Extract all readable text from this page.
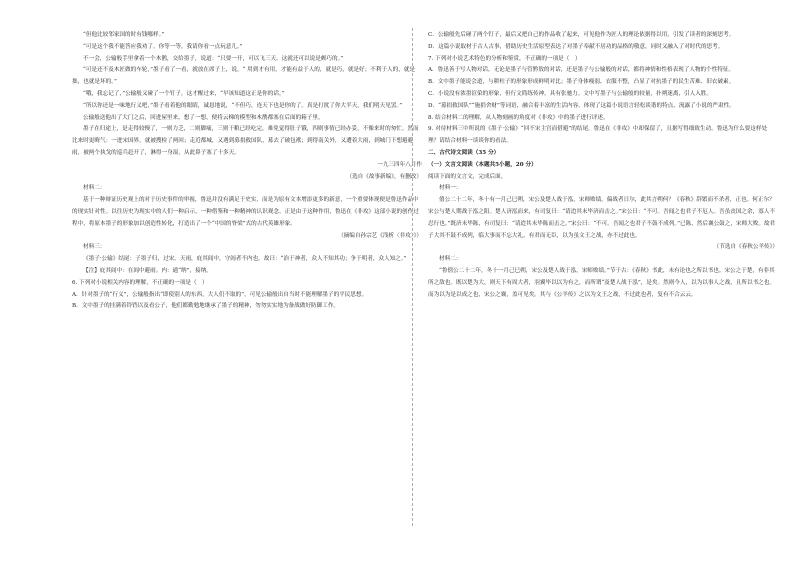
“但他比较邻家国的时有钱哪样。”

“可是这个我不能答应我劝了。你等一等，我请你看一点玩意儿。”

不一会，公输般手里拿着一个木鹊，交给墨子，说道：“只要一开，可以飞三天。这就还可以说是颇巧的。”

“可是还不及木匠做的车轮，”墨子看了一看，就放在席子上，说，“ 用到才有用，才能有益于人的，就是巧，就是好；不利于人的，就是拙，也就是坏的。”

“哦，我忘记了，”公输般又碰了一个钉子，这才醒过来，“早该知道这正是你的话。”

“所以你还是一味地行义吧，”墨子看着他的眼睛，诚恳地说，“不但巧，连天下也是你的了。真是打扰了你大半天，我们明天见罢。”

公输般送他出了大门之后，回进屋里来，想了一想，便将云梯的模型和木鹊都塞在后面的箱子里。

墨子在归途上，是走得较慢了，一则力乏，二则脚痛，三则干粮已经吃完，难免觉得肚子饿，四则事情已经办妥，不像来时的匆忙。然而比来时更晦气：一进宋国界，就被搜检了两回；走近都城，又遇到募捐救国队，募去了破包袱；到得南关外，又遭着大雨，到城门下想避避雨，被两个执戈的巡兵赶开了，淋得一身湿，从此鼻子塞了十多天。

一九三四年八月作

（选自《故事新编》，有删改）

材料二：

基于一种辩证历史观上的对于历史事件的审视，鲁迅并没有满足于史实，而是为原有文本增添更多的新意，一个重要体现便是鲁迅作品中的现实针对性。以往历史为现实中的人们一种启示，一种借鉴和一种精神的认识观念。正是由于这种作用，鲁迅在《非攻》这部小说的创作过程中，将原本墨子的形象加以创造性转化，打造出了一个“中国的脊梁”式的古代英雄形象。

（摘编自孙宗艺《浅析〈非攻〉》）

材料三：

《墨子·公输》结尾：子墨子归，过宋。天雨，庇其闾中，守闾者不内也。故曰：“治于神者，众人不知其功；争于明者，众人知之。”

【注】庇其闾中：在闾中避雨。内：通“纳”，接纳。

6. 下列对小说相关内容的理解，不正确的一项是（　）

A．针对墨子的“行义”，公输般指出“即使别人的东西，大人们不取的”，可见公输般出自当时不能理解墨子的平民思想。

B．文中墨子的挂满着铃铛以及看公子，他们都勤勉地继承了墨子的精神，勿勿实实地为备战做好防御工作。

C．公输般先后碰了两个钉子，最后又把自己的作品收了起来，可见他作为匠人的理论依据得以用，引发了读者的深刻思考。

D．这篇小说取材于古人古事，借助历史生活原型表达了对墨子奉献不居功的品格的敬意，同时又融入了对时代的思考。

7. 下列对小说艺术特色的分析和鉴赏，不正确的一项是（　）

A．鲁迅善于写人物对话，无论是墨子与管黔敖的对话，还是墨子与公输般的对话，都将神情和性格表现了人物的个性特征。

B．文中墨子能说会道，与耕柱子的形象形成鲜明对比；墨子身体瘦弱、衣服不整，凸显了对抗墨子的民生苦难、旧衣破素。

C．小说没有浓墨渲染的形象，但行文简练传神，具有张驰力。文中写墨子与公输般的较量，扑朔迷离，引人入胜。

D．“募捐救国队”“施捐舍财”等词语，融合着丰富的生活内容，体现了这篇小说语言轻松谈谐的特点，流露了小说的严肃性。

8. 结合材料二的理解，从人物刻画的角度对《非攻》中的墨子进行评述。

9. 对待材料三中所说的《墨子·公输》“回不宋主宫而借避”的结尾，鲁迅在《非攻》中却保留了，且据写得细致生动。鲁迅为什么要这样处理？请结合材料一谈谈你的看法。

二、古代诗文阅读（35 分）

（一）文言文阅读（本题共5小题，20 分）

阅读下面的文言文，完成后面。

材料一：

僖公二十二年，冬十有一月己巳朔，宋公及楚人战于泓，宋师败绩。偏战者日尔，此其言朔何？《春秋》辞繁而不杀者，正也。何正尔？宋公与楚人期战于泓之阳。楚人济泓而来，有司复曰：“请迨其未毕济而击之。”宋公曰：“不可。吾闻之也君子不厄人。吾虽丧国之余，寡人不忍行也。”既济未毕陈，有司复曰：“请迨其未毕陈而击之。”宋公曰：“不可。吾闻之也君子不鼓不成列。”已陈，然后襄公鼓之，宋师大败。故君子大其不鼓不成列，临大事而不忘大礼，有君而无臣，以为虽文王之战，亦不过此也。

（节选自《春秋公羊传》）

材料二：

“鲁僖公二十二年，冬十一月己巳朔，宋公及楚人战于泓，宋师败绩。”节于古：《春秋》书此，未有论也之所以书也。宋公之于楚，有非其所之敌也。既以楚为大，则天下有周大者，羽翼毕以以为有之，而所谓“及楚人战于泓”，是矣。然则今人，以为以事人之战，且所以书之也。而为以为是以成之也，宋公之襄，盖可见矣。其与《公羊传》之以为文王之战，不过此也者，复有不合云云。
